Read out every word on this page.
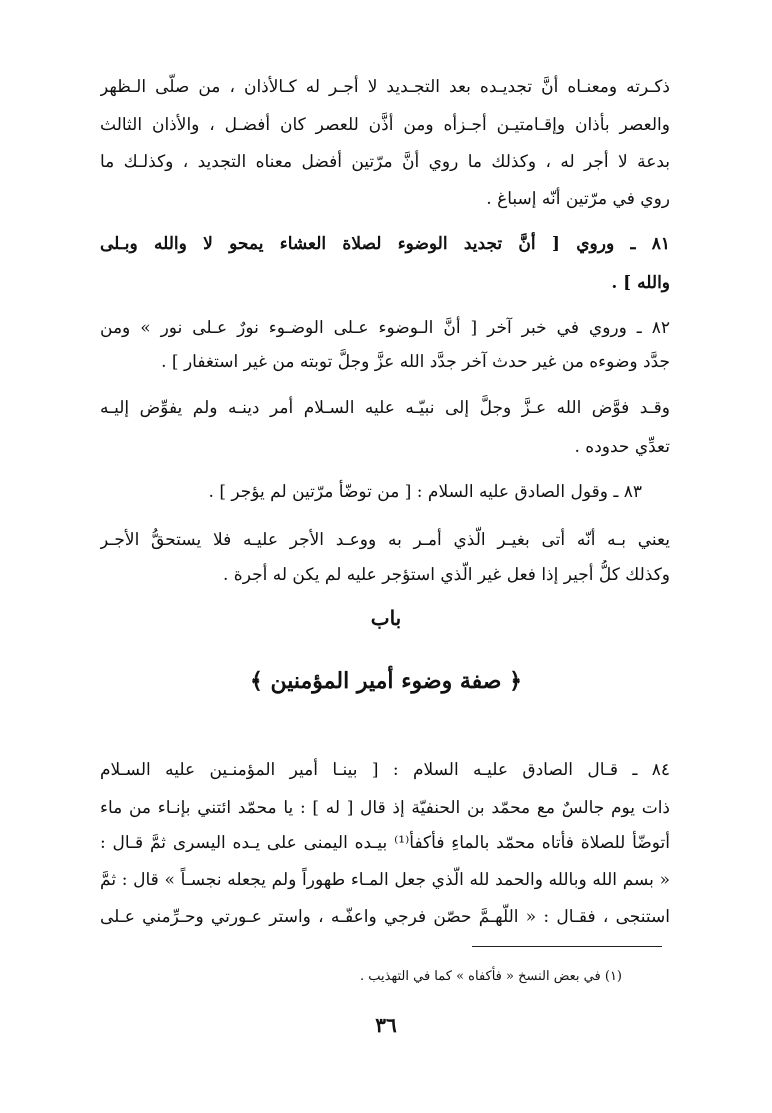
ذكـرته ومعنـاه أنَّ تجديـده بعد التجـديد لا أجـر له كـالأذان ، من صلّى الـظهر
والعصر بأذان وإقـامتيـن أجـزأه ومن أذَّن للعصر كان أفضـل ، والأذان الثالث
بدعة لا أجر له ، وكذلك ما روي أنَّ مرّتين أفضل معناه التجديد ، وكذلـك ما
روي في مرّتين أنّه إسباغ .
٨١ ـ وروي [ أنَّ تجديد الوضوء لصلاة العشاء يمحو لا والله وبـلى
والله ] .
٨٢ ـ وروي في خبر آخر [ أنَّ الـوضوء عـلى الوضـوء نورٌ عـلى نور » ومن
جدَّد وضوءه من غير حدث آخر جدَّد الله عزَّ وجلَّ توبته من غير استغفار ] .
وقـد فوَّض الله عـزَّ وجلَّ إلى نبيّـه عليه السـلام أمر دينـه ولم يفوِّض إليـه
تعدِّي حدوده .
٨٣ ـ وقول الصادق عليه السلام : [ من توضّأ مرّتين لم يؤجر ] .
يعني بـه أنّه أتى بغيـر الّذي أمـر به ووعـد الأجر عليـه فلا يستحقُّ الأجـر
وكذلك كلُّ أجير إذا فعل غير الّذي استؤجر عليه لم يكن له أجرة .
باب
﴿ صفة وضوء أمير المؤمنين ﴾
٨٤ ـ قـال الصادق عليـه السلام : [ بينـا أمير المؤمنـين عليه السـلام
ذات يوم جالسٌ مع محمّد بن الحنفيّة إذ قال [ له ] : يا محمّد ائتني بإنـاء من ماء
أتوضّأ للصلاة فأتاه محمّد بالماءِ فأكفأ⁽¹⁾ بيـده اليمنى على يـده اليسرى ثمَّ قـال :
« بسم الله وبالله والحمد لله الّذي جعل المـاء طهوراً ولم يجعله نجسـاً » قال : ثمَّ
استنجى ، فقـال : « اللّهـمَّ حصّن فرجي واعفّـه ، واستر عـورتي وحـرِّمني عـلى
(١) في بعض النسخ « فأكفاه » كما في التهذيب .
٣٦
